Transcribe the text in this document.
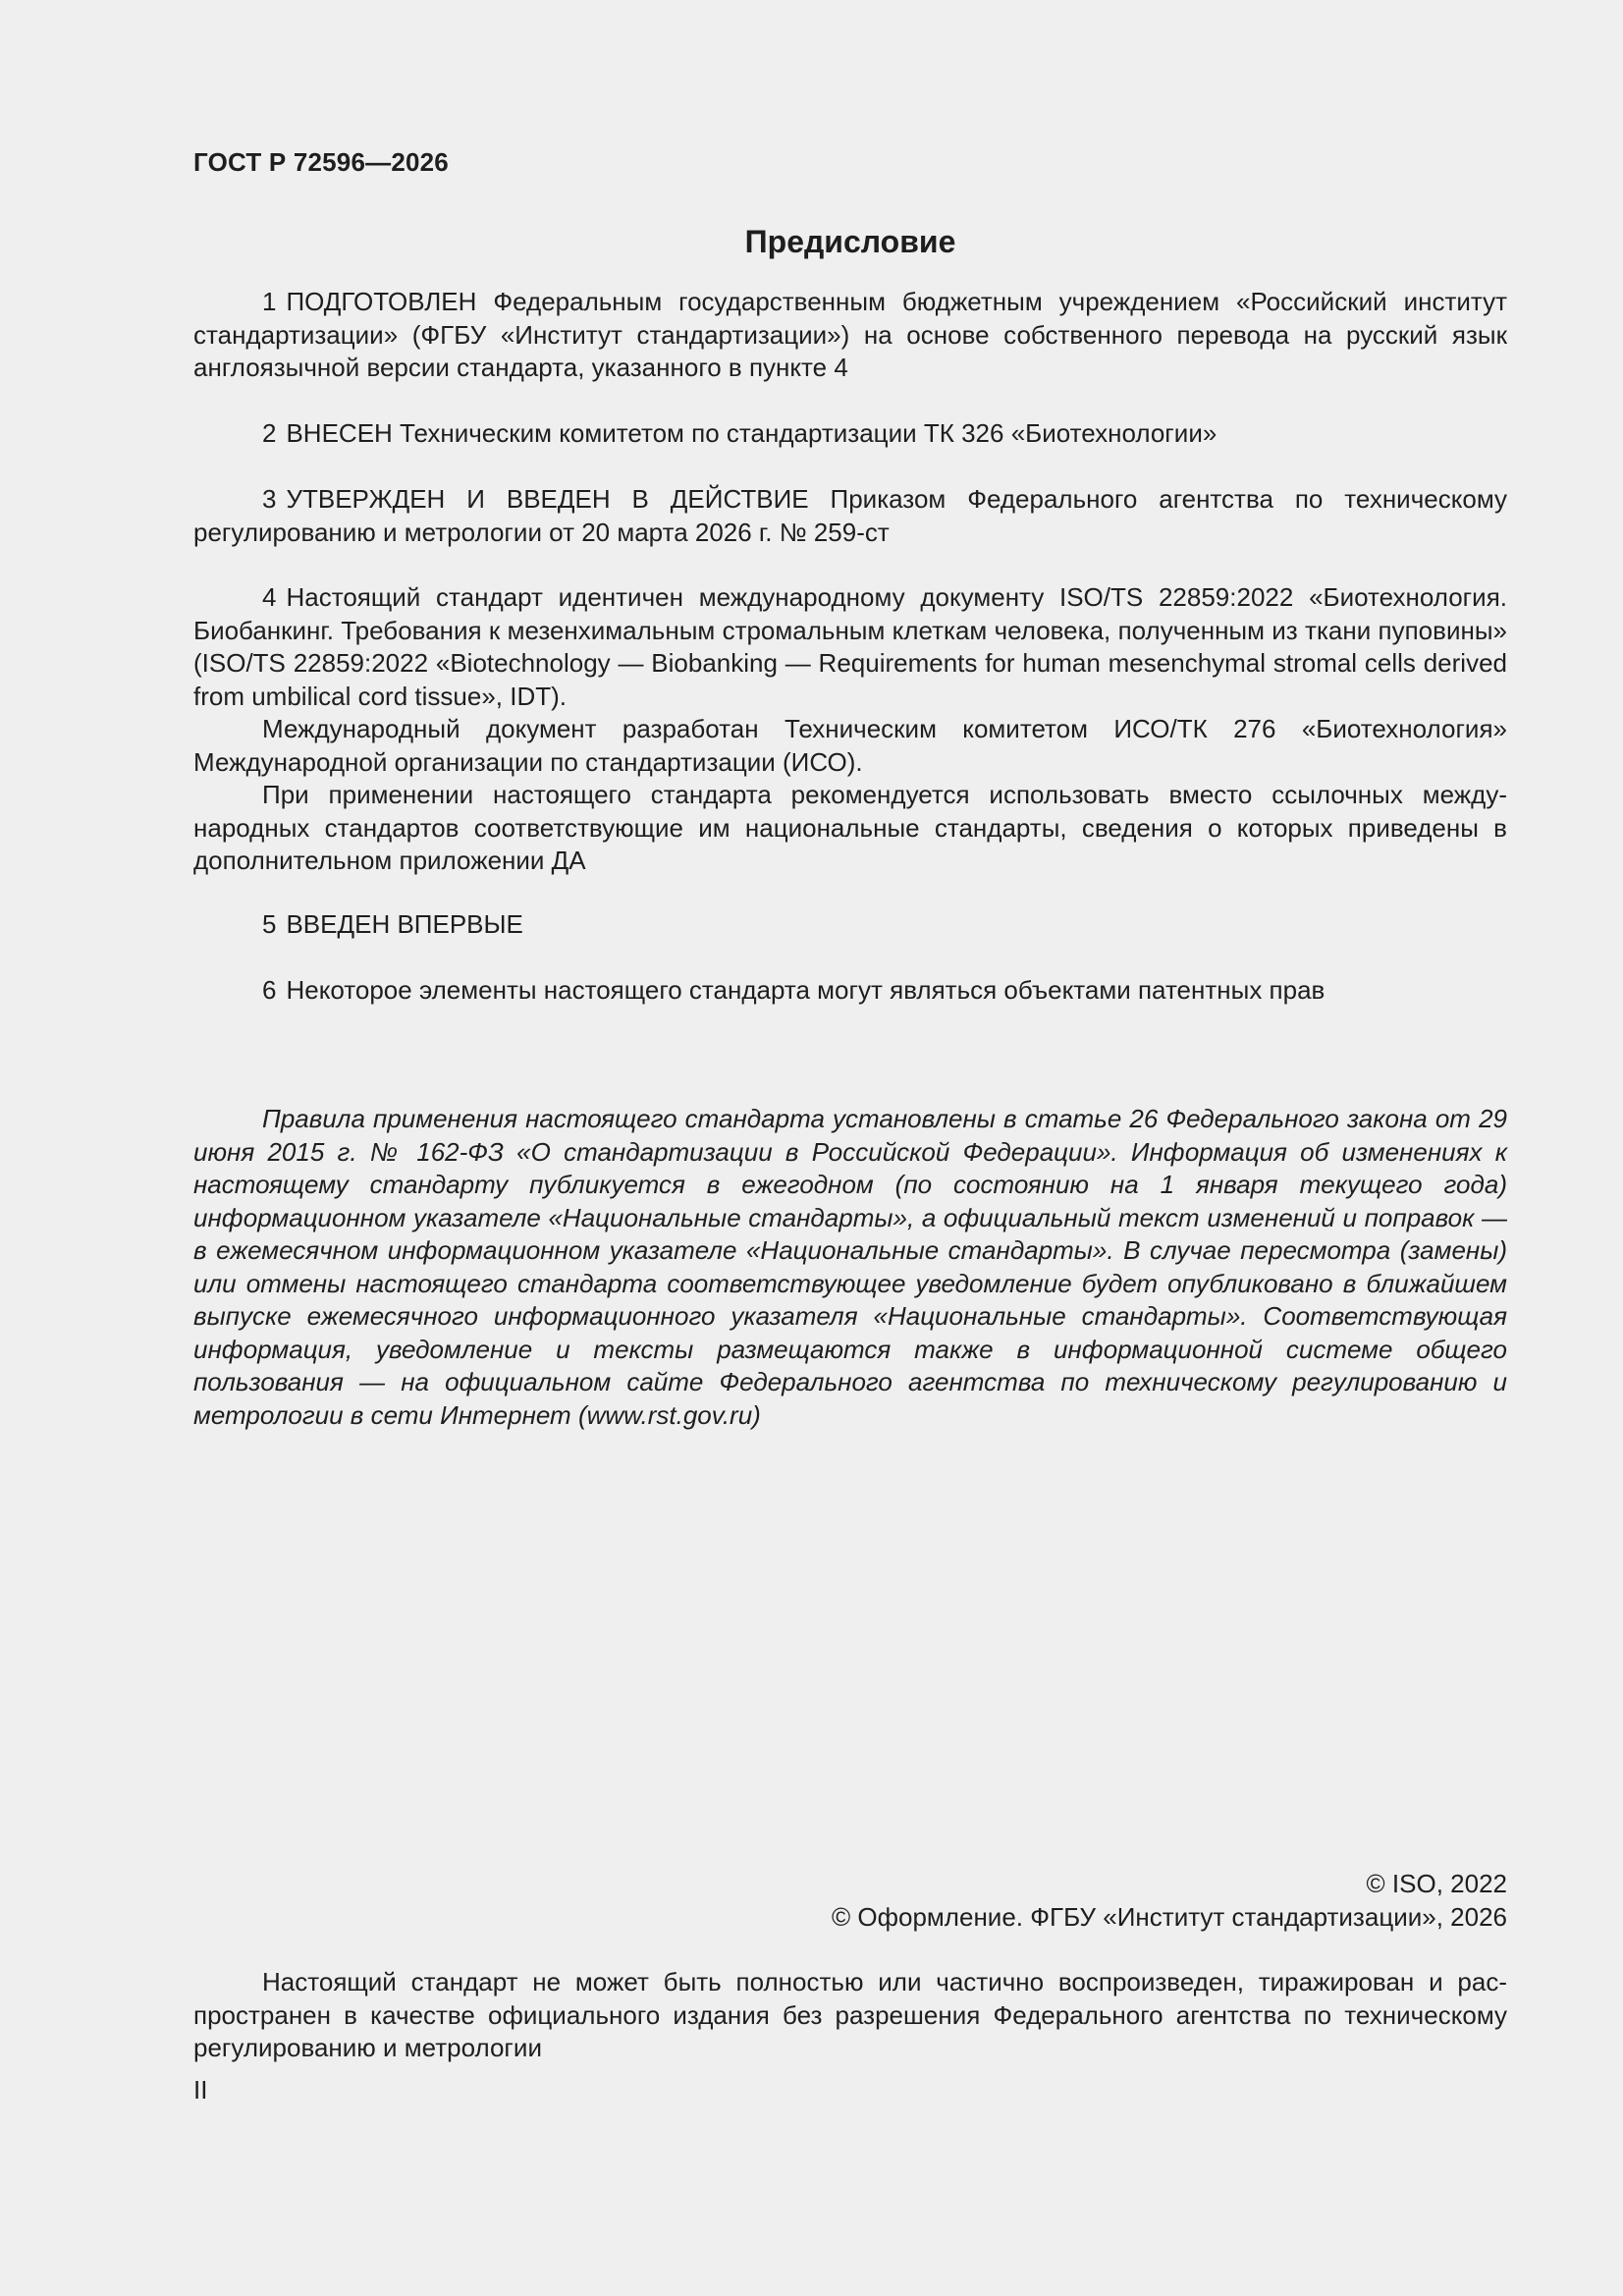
ГОСТ Р 72596—2026
Предисловие

1 ПОДГОТОВЛЕН Федеральным государственным бюджетным учреждением «Российский институт стандартизации» (ФГБУ «Институт стандартизации») на основе собственного перевода на русский язык англоязычной версии стандарта, указанного в пункте 4

2 ВНЕСЕН Техническим комитетом по стандартизации ТК 326 «Биотехнологии»

3 УТВЕРЖДЕН И ВВЕДЕН В ДЕЙСТВИЕ Приказом Федерального агентства по техническому регулированию и метрологии от 20 марта 2026 г. № 259-ст

4 Настоящий стандарт идентичен международному документу ISO/TS 22859:2022 «Биотехнология. Биобанкинг. Требования к мезенхимальным стромальным клеткам человека, полученным из ткани пуповины» (ISO/TS 22859:2022 «Biotechnology — Biobanking — Requirements for human mesenchymal stromal cells derived from umbilical cord tissue», IDT).

Международный документ разработан Техническим комитетом ИСО/ТК 276 «Биотехнология» Международной организации по стандартизации (ИСО).

При применении настоящего стандарта рекомендуется использовать вместо ссылочных международных стандартов соответствующие им национальные стандарты, сведения о которых приведены в дополнительном приложении ДА

5 ВВЕДЕН ВПЕРВЫЕ

6 Некоторое элементы настоящего стандарта могут являться объектами патентных прав

Правила применения настоящего стандарта установлены в статье 26 Федерального закона от 29 июня 2015 г. № 162-ФЗ «О стандартизации в Российской Федерации». Информация об изменениях к настоящему стандарту публикуется в ежегодном (по состоянию на 1 января текущего года) информационном указателе «Национальные стандарты», а официальный текст изменений и поправок — в ежемесячном информационном указателе «Национальные стандарты». В случае пересмотра (замены) или отмены настоящего стандарта соответствующее уведомление будет опубликовано в ближайшем выпуске ежемесячного информационного указателя «Национальные стандарты». Соответствующая информация, уведомление и тексты размещаются также в информационной системе общего пользования — на официальном сайте Федерального агентства по техническому регулированию и метрологии в сети Интернет (www.rst.gov.ru)

© ISO, 2022
© Оформление. ФГБУ «Институт стандартизации», 2026

Настоящий стандарт не может быть полностью или частично воспроизведен, тиражирован и распространен в качестве официального издания без разрешения Федерального агентства по техническому регулированию и метрологии

II
